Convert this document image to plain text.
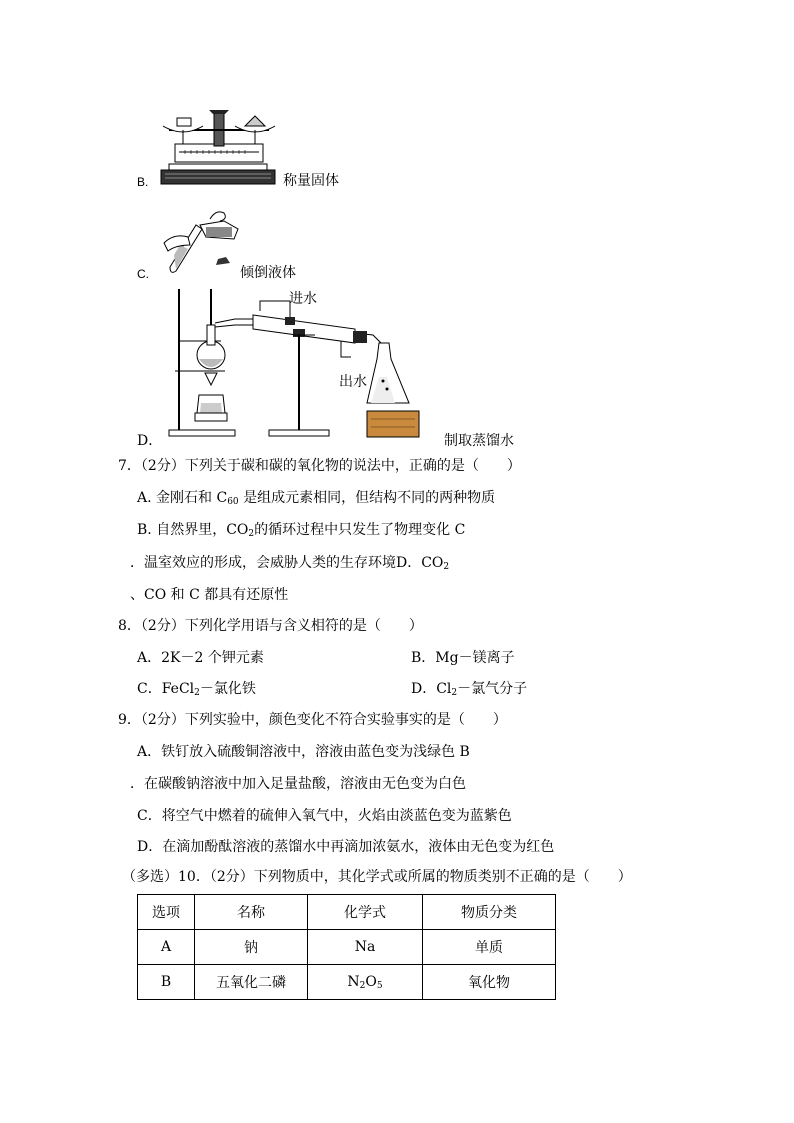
B.	称量固体
C.	倾倒液体
进水
出水
D．	制取蒸馏水
7．（2分）下列关于碳和碳的氧化物的说法中，正确的是（　　）
A. 金刚石和 $C_{60}$ 是组成元素相同，但结构不同的两种物质
B. 自然界里，$CO_2$的循环过程中只发生了物理变化 C
．温室效应的形成，会威胁人类的生存环境D．$CO_2$
、CO 和 C 都具有还原性
8．（2分）下列化学用语与含义相符的是（　　）
A．2K－2 个钾元素	B．Mg－镁离子
C．FeCl$_2$－氯化铁	D．$Cl_2-$氯气分子
9．（2分）下列实验中，颜色变化不符合实验事实的是（　　）
A．铁钉放入硫酸铜溶液中，溶液由蓝色变为浅绿色 B
．在碳酸钠溶液中加入足量盐酸，溶液由无色变为白色
C．将空气中燃着的硫伸入氧气中，火焰由淡蓝色变为蓝紫色
D．在滴加酚酞溶液的蒸馏水中再滴加浓氨水，液体由无色变为红色
（多选）10．（2分）下列物质中，其化学式或所属的物质类别不正确的是（　　）
选项	名称	化学式	物质分类
A	钠	Na	单质
B	五氧化二磷	$N_2O_5$	氧化物
